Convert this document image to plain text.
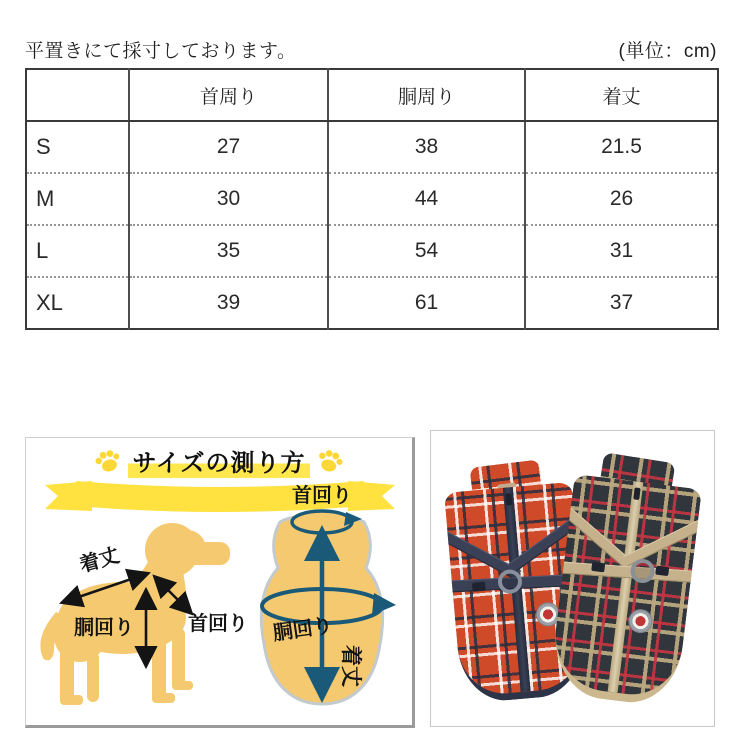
平置きにて採寸しております。	(単位：cm)
	首周り	胴周り	着丈
S	27	38	21.5
M	30	44	26
L	35	54	31
XL	39	61	37
サイズの測り方
着丈
胴回り	首回り
首回り
胴回り
着丈
